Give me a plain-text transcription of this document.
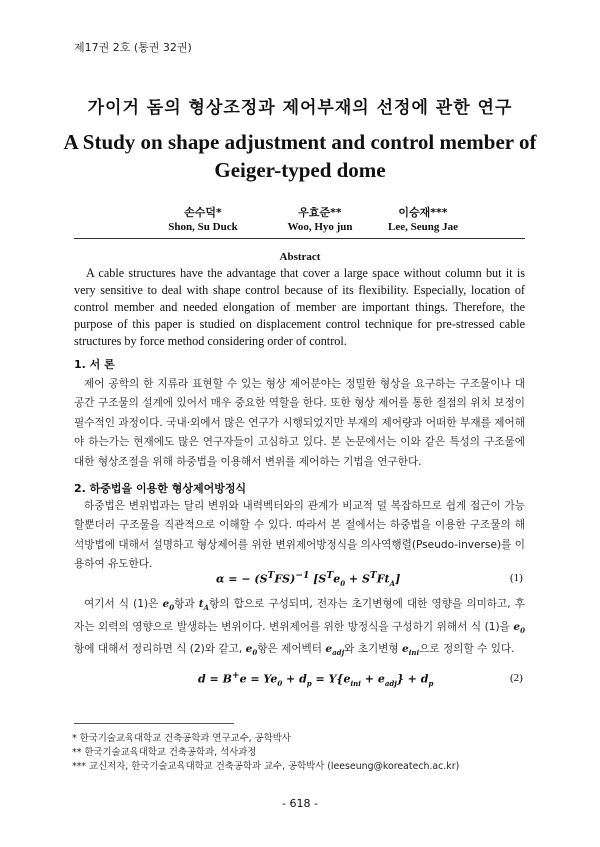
제17권 2호 (통권 32권)
가이거 돔의 형상조정과 제어부재의 선정에 관한 연구
A Study on shape adjustment and control member of
Geiger-typed dome
손수덕*
Shon, Su Duck
우효준**
Woo, Hyo jun
이승재***
Lee, Seung Jae
Abstract

A cable structures have the advantage that cover a large space without column but it is very sensitive to deal with shape control because of its flexibility. Especially, location of control member and needed elongation of member are important things. Therefore, the purpose of this paper is studied on displacement control technique for pre-stressed cable structures by force method considering order of control.

1. 서 론

제어 공학의 한 지류라 표현할 수 있는 형상 제어분야는 정밀한 형상을 요구하는 구조물이나 대공간 구조물의 설계에 있어서 매우 중요한 역할을 한다. 또한 형상 제어를 통한 절점의 위치 보정이 필수적인 과정이다. 국내·외에서 많은 연구가 시행되었지만 부재의 제어량과 어떠한 부재를 제어해야 하는가는 현재에도 많은 연구자들이 고심하고 있다. 본 논문에서는 이와 같은 특성의 구조물에 대한 형상조절을 위해 하중법을 이용해서 변위를 제어하는 기법을 연구한다.

2. 하중법을 이용한 형상제어방정식

하중법은 변위법과는 달리 변위와 내력벡터와의 관계가 비교적 덜 복잡하므로 쉽게 접근이 가능할뿐더러 구조물을 직관적으로 이해할 수 있다. 따라서 본 절에서는 하중법을 이용한 구조물의 해석방법에 대해서 설명하고 형상제어를 위한 변위제어방정식을 의사역행렬(Pseudo-inverse)를 이용하여 유도한다.

α = − $(S^TFS)^{-1}$ $[S^Te_0 + S^TFt_A]$	(1)

여기서 식 (1)은 $e_0$항과 $t_A$항의 합으로 구성되며, 전자는 초기변형에 대한 영향을 의미하고, 후자는 외력의 영향으로 발생하는 변위이다. 변위제어를 위한 방정식을 구성하기 위해서 식 (1)을 $e_0$항에 대해서 정리하면 식 (2)와 같고, $e_0$항은 제어벡터 $e_{adj}$와 초기변형 $e_{ini}$으로 정의할 수 있다.

$d = B^+e = Ye_0 + d_p = Y\{e_{ini} + e_{adj}\} + d_p$	(2)
* 한국기술교육대학교 건축공학과 연구교수, 공학박사
** 한국기술교육대학교 건축공학과, 석사과정
*** 교신저자, 한국기술교육대학교 건축공학과 교수, 공학박사 (leeseung@koreatech.ac.kr)
- 618 -
